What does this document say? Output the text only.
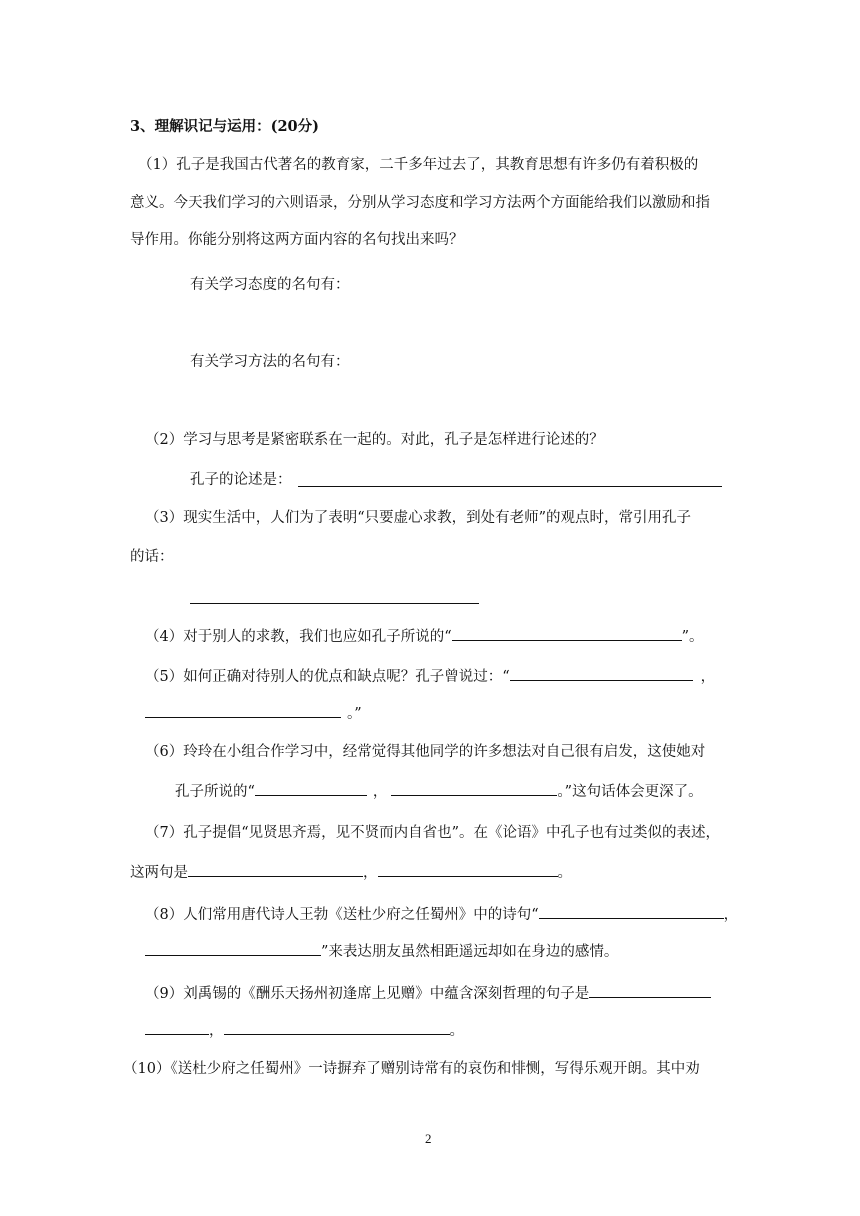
3、理解识记与运用：(20分)
（1）孔子是我国古代著名的教育家，二千多年过去了，其教育思想有许多仍有着积极的
意义。今天我们学习的六则语录，分别从学习态度和学习方法两个方面能给我们以激励和指
导作用。你能分别将这两方面内容的名句找出来吗？
有关学习态度的名句有：
有关学习方法的名句有：
（2）学习与思考是紧密联系在一起的。对此，孔子是怎样进行论述的？
孔子的论述是：
（3）现实生活中，人们为了表明“只要虚心求教，到处有老师”的观点时，常引用孔子
的话：
（4）对于别人的求教，我们也应如孔子所说的“	”。
（5）如何正确对待别人的优点和缺点呢？孔子曾说过：“	，
。”
（6）玲玲在小组合作学习中，经常觉得其他同学的许多想法对自己很有启发，这使她对
孔子所说的“	，	。”这句话体会更深了。
（7）孔子提倡“见贤思齐焉，见不贤而内自省也”。在《论语》中孔子也有过类似的表述，
这两句是	，	。
（8）人们常用唐代诗人王勃《送杜少府之任蜀州》中的诗句“	，
”来表达朋友虽然相距遥远却如在身边的感情。
（9）刘禹锡的《酬乐天扬州初逢席上见赠》中蕴含深刻哲理的句子是
，	。
（10）《送杜少府之任蜀州》一诗摒弃了赠别诗常有的哀伤和悱恻，写得乐观开朗。其中劝
2
